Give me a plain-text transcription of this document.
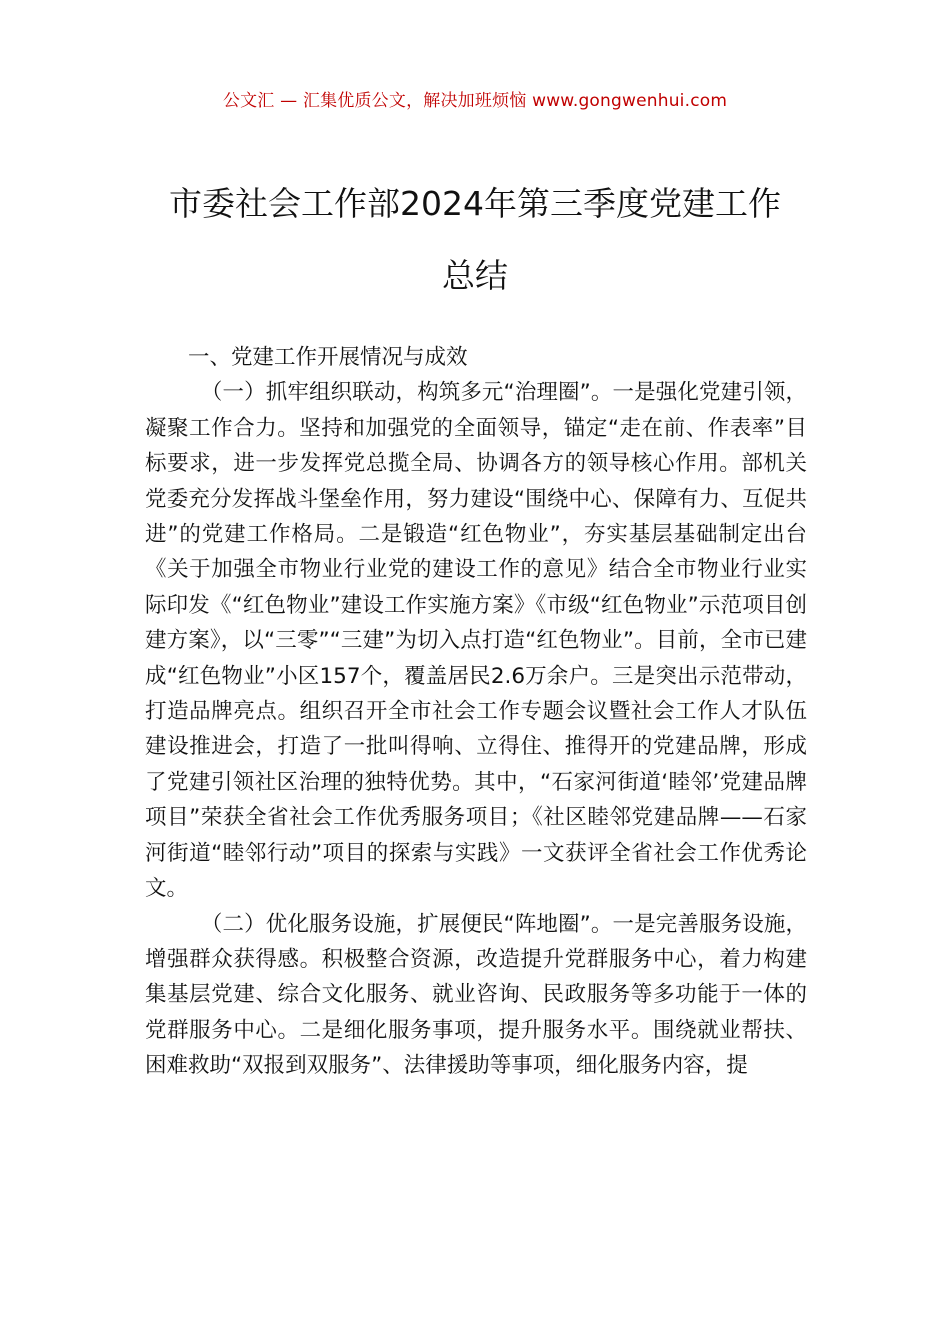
公文汇 — 汇集优质公文，解决加班烦恼 www.gongwenhui.com
市委社会工作部2024年第三季度党建工作
总结

一、党建工作开展情况与成效

（一）抓牢组织联动，构筑多元“治理圈”。一是强化党建引领，凝聚工作合力。坚持和加强党的全面领导，锚定“走在前、作表率”目标要求，进一步发挥党总揽全局、协调各方的领导核心作用。部机关党委充分发挥战斗堡垒作用，努力建设“围绕中心、保障有力、互促共进”的党建工作格局。二是锻造“红色物业”，夯实基层基础制定出台《关于加强全市物业行业党的建设工作的意见》结合全市物业行业实际印发《“红色物业”建设工作实施方案》《市级“红色物业”示范项目创建方案》，以“三零”“三建”为切入点打造“红色物业”。目前，全市已建成“红色物业”小区157个，覆盖居民2.6万余户。三是突出示范带动，打造品牌亮点。组织召开全市社会工作专题会议暨社会工作人才队伍建设推进会，打造了一批叫得响、立得住、推得开的党建品牌，形成了党建引领社区治理的独特优势。其中，“石家河街道‘睦邻’党建品牌项目”荣获全省社会工作优秀服务项目；《社区睦邻党建品牌——石家河街道“睦邻行动”项目的探索与实践》一文获评全省社会工作优秀论文。

（二）优化服务设施，扩展便民“阵地圈”。一是完善服务设施，增强群众获得感。积极整合资源，改造提升党群服务中心，着力构建集基层党建、综合文化服务、就业咨询、民政服务等多功能于一体的党群服务中心。二是细化服务事项，提升服务水平。围绕就业帮扶、困难救助“双报到双服务”、法律援助等事项，细化服务内容，提
